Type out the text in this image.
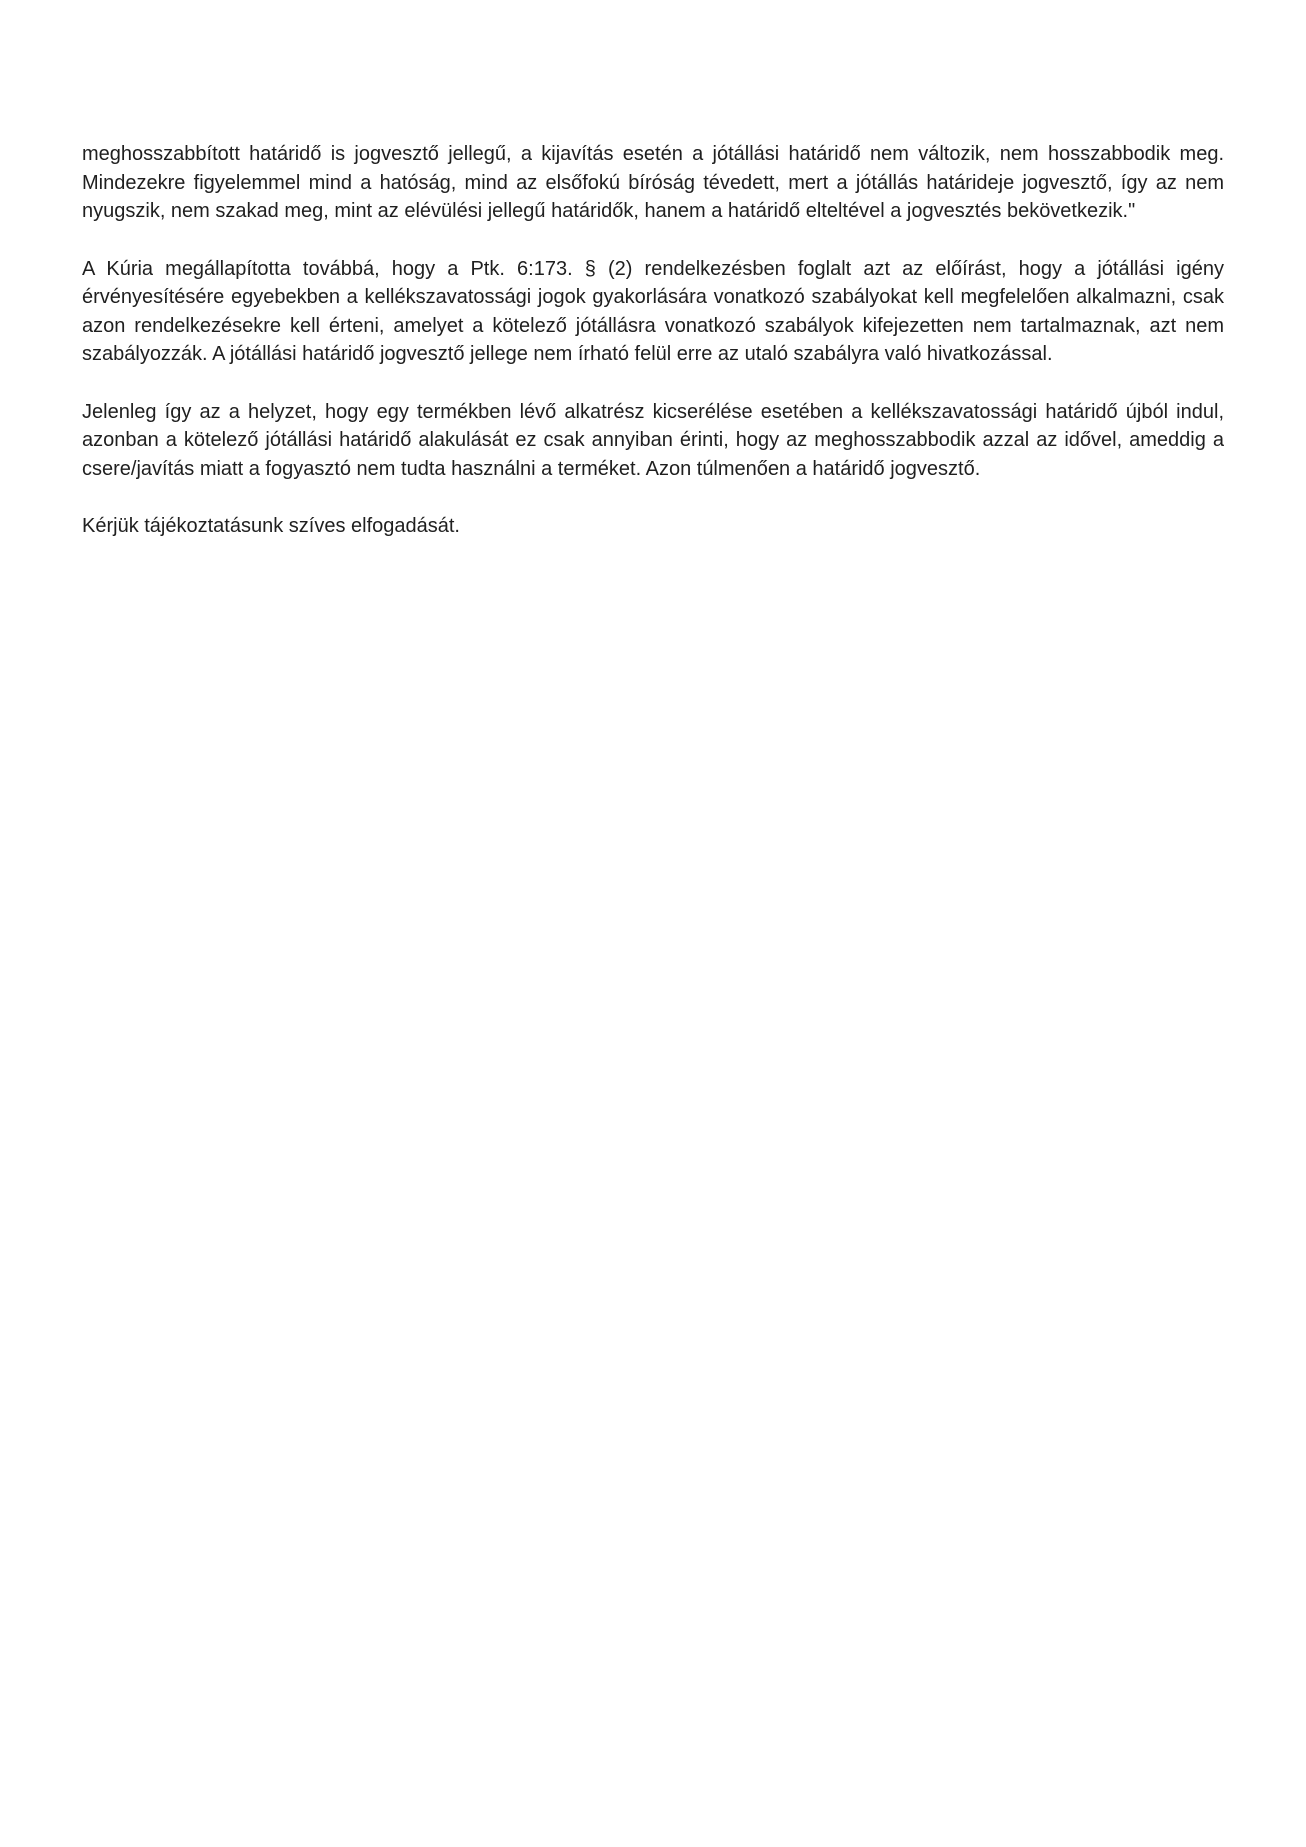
meghosszabbított határidő is jogvesztő jellegű, a kijavítás esetén a jótállási határidő nem változik, nem hosszabbodik meg. Mindezekre figyelemmel mind a hatóság, mind az elsőfokú bíróság tévedett, mert a jótállás határideje jogvesztő, így az nem nyugszik, nem szakad meg, mint az elévülési jellegű határidők, hanem a határidő elteltével a jogvesztés bekövetkezik."

A Kúria megállapította továbbá, hogy a Ptk. 6:173. § (2) rendelkezésben foglalt azt az előírást, hogy a jótállási igény érvényesítésére egyebekben a kellékszavatossági jogok gyakorlására vonatkozó szabályokat kell megfelelően alkalmazni, csak azon rendelkezésekre kell érteni, amelyet a kötelező jótállásra vonatkozó szabályok kifejezetten nem tartalmaznak, azt nem szabályozzák. A jótállási határidő jogvesztő jellege nem írható felül erre az utaló szabályra való hivatkozással.

Jelenleg így az a helyzet, hogy egy termékben lévő alkatrész kicserélése esetében a kellékszavatossági határidő újból indul, azonban a kötelező jótállási határidő alakulását ez csak annyiban érinti, hogy az meghosszabbodik azzal az idővel, ameddig a csere/javítás miatt a fogyasztó nem tudta használni a terméket. Azon túlmenően a határidő jogvesztő.

Kérjük tájékoztatásunk szíves elfogadását.
